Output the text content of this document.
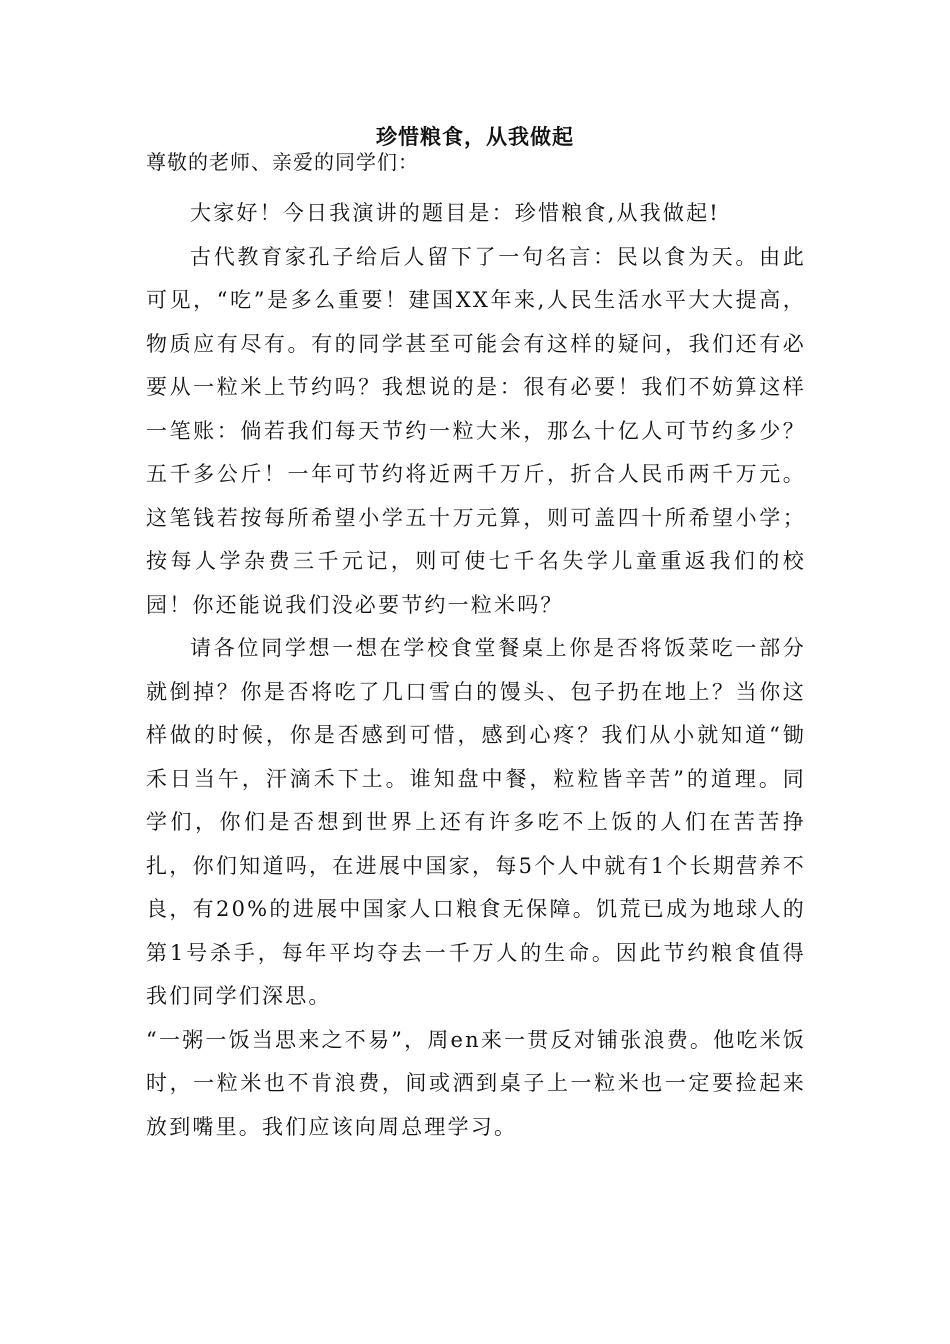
珍惜粮食，从我做起
尊敬的老师、亲爱的同学们：

大家好！今日我演讲的题目是：珍惜粮食,从我做起!

古代教育家孔子给后人留下了一句名言：民以食为天。由此可见，“吃”是多么重要！建国XX年来,人民生活水平大大提高，物质应有尽有。有的同学甚至可能会有这样的疑问，我们还有必要从一粒米上节约吗？我想说的是：很有必要！我们不妨算这样一笔账：倘若我们每天节约一粒大米，那么十亿人可节约多少？五千多公斤！一年可节约将近两千万斤，折合人民币两千万元。这笔钱若按每所希望小学五十万元算，则可盖四十所希望小学；按每人学杂费三千元记，则可使七千名失学儿童重返我们的校园！你还能说我们没必要节约一粒米吗？

请各位同学想一想在学校食堂餐桌上你是否将饭菜吃一部分就倒掉？你是否将吃了几口雪白的馒头、包子扔在地上？当你这样做的时候，你是否感到可惜，感到心疼？我们从小就知道“锄禾日当午，汗滴禾下土。谁知盘中餐，粒粒皆辛苦”的道理。同学们，你们是否想到世界上还有许多吃不上饭的人们在苦苦挣扎，你们知道吗，在进展中国家，每5个人中就有1个长期营养不良，有20%的进展中国家人口粮食无保障。饥荒已成为地球人的第1号杀手，每年平均夺去一千万人的生命。因此节约粮食值得我们同学们深思。

“一粥一饭当思来之不易”，周en来一贯反对铺张浪费。他吃米饭时，一粒米也不肯浪费，间或洒到桌子上一粒米也一定要捡起来放到嘴里。我们应该向周总理学习。
